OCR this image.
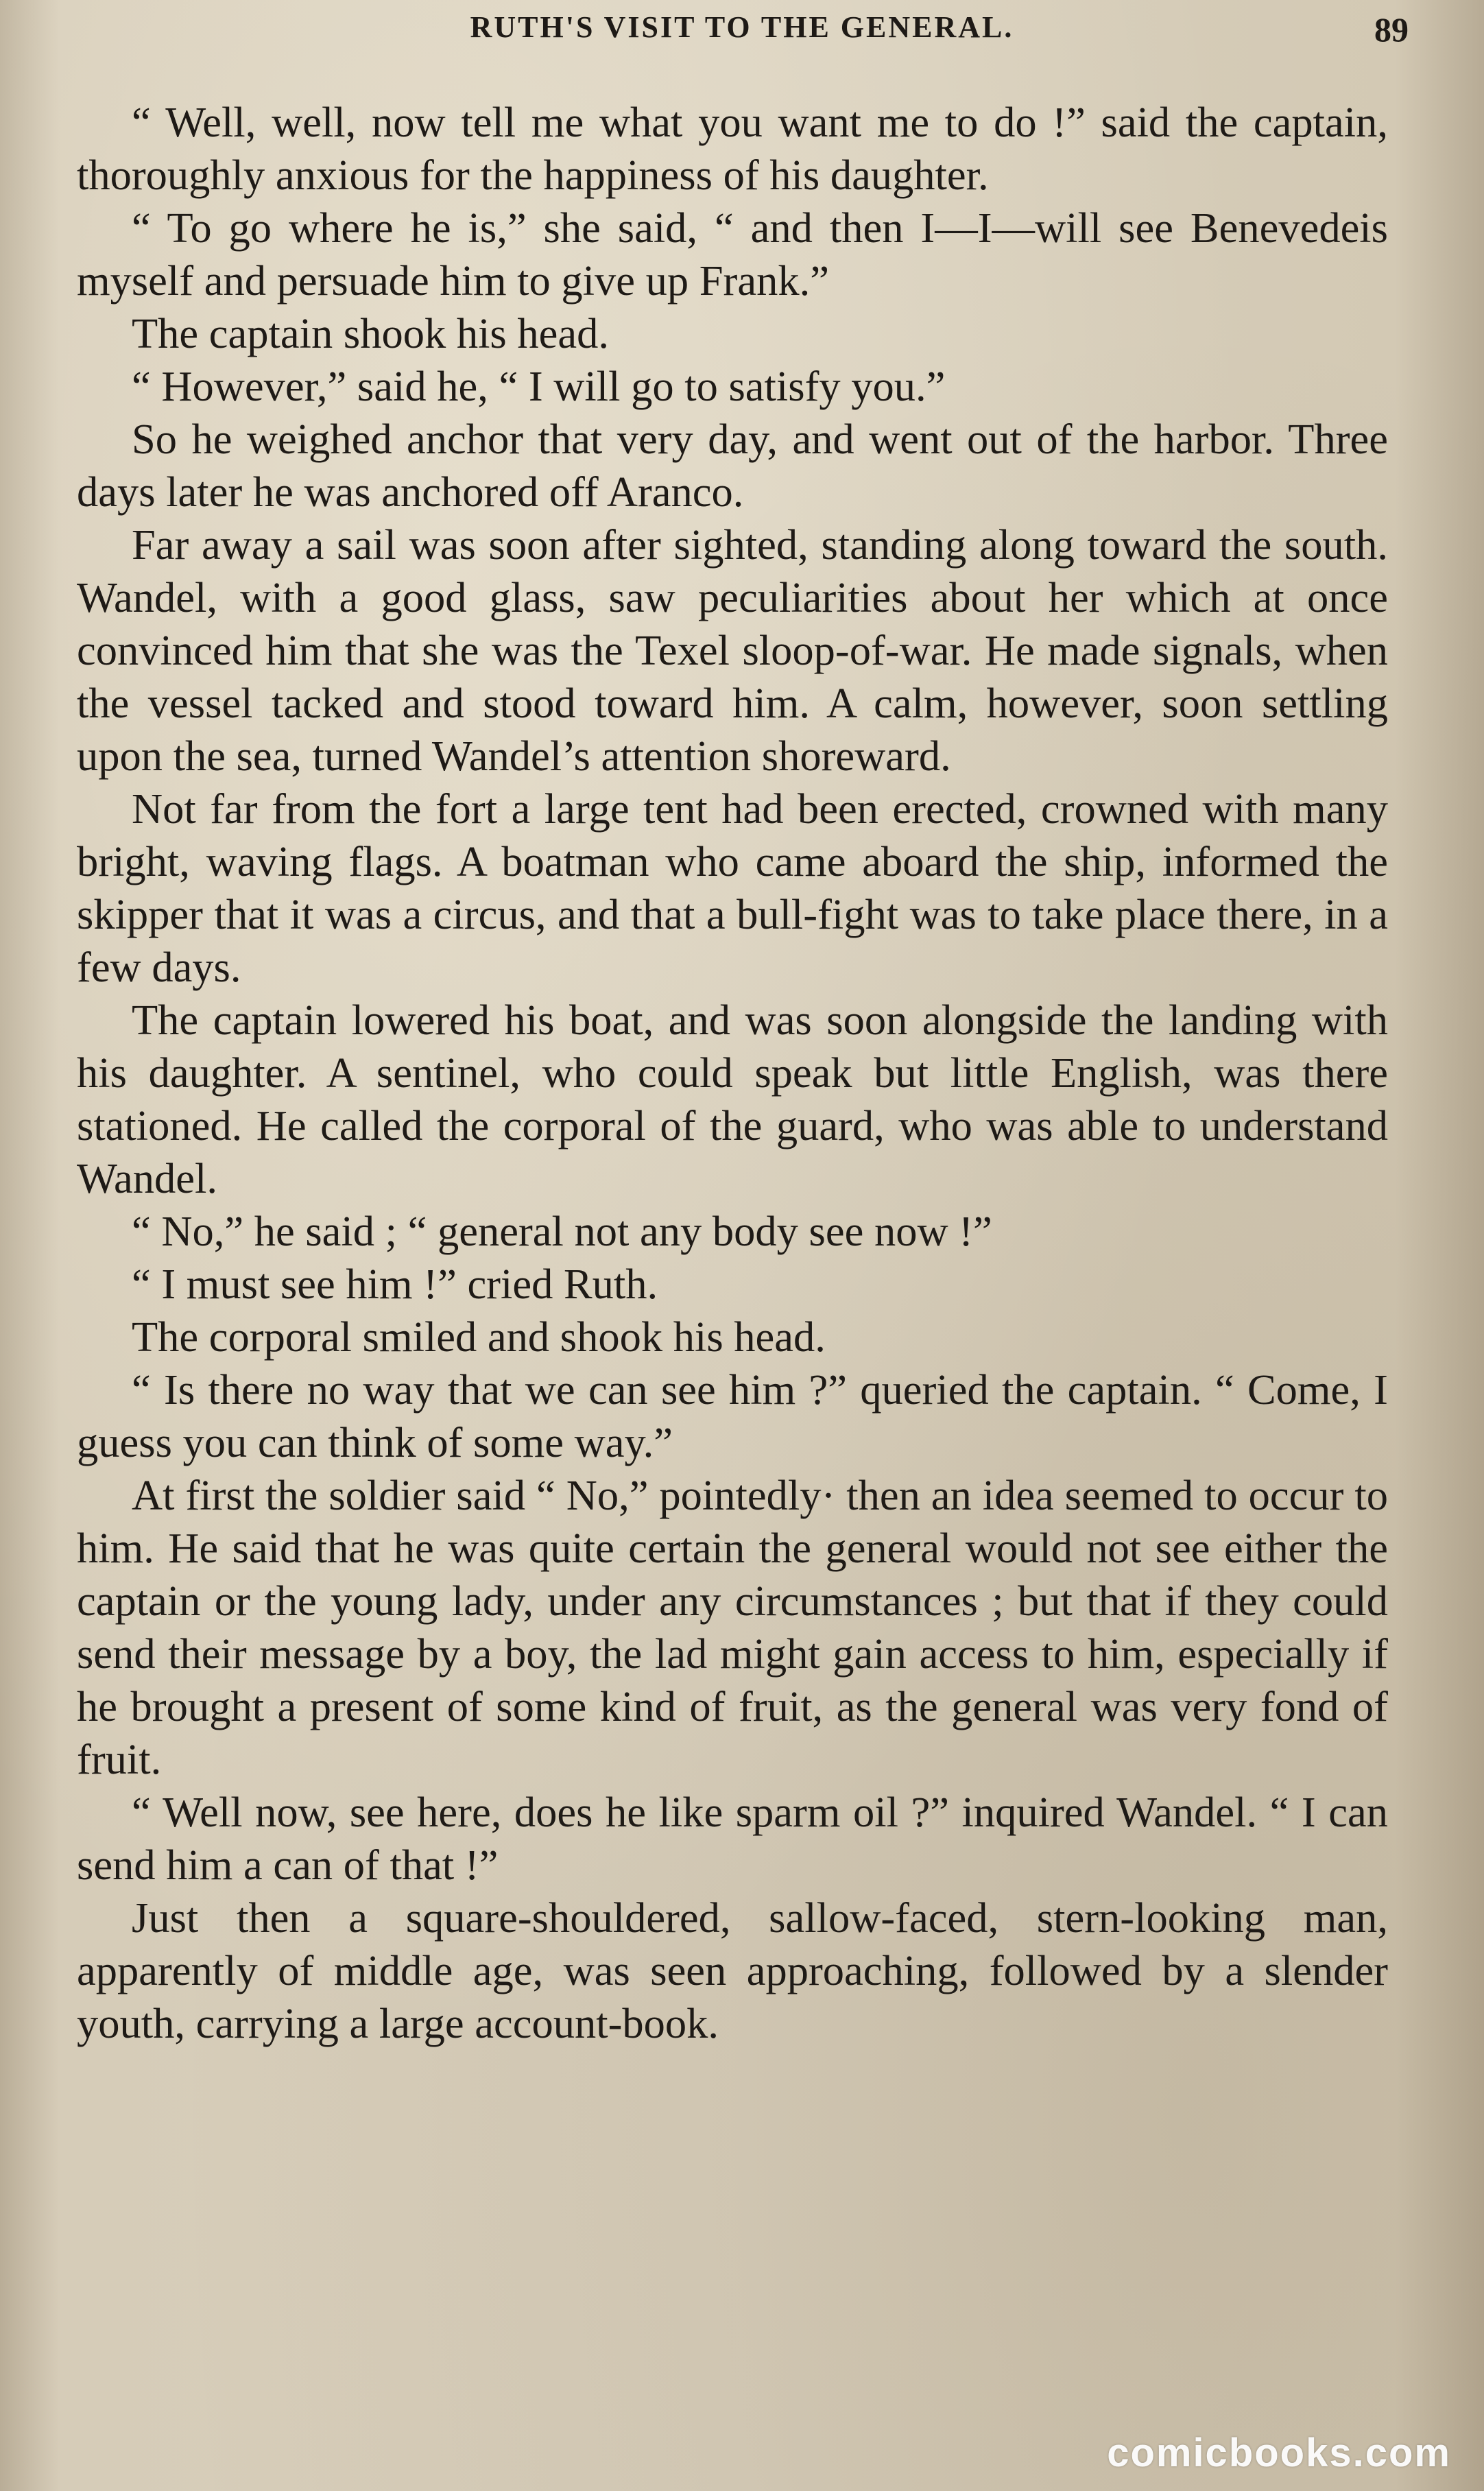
RUTH'S VISIT TO THE GENERAL.	89

“ Well, well, now tell me what you want me to do !” said the captain, thoroughly anxious for the happiness of his daughter.

“ To go where he is,” she said, “ and then I—I—will see Benevedeis myself and persuade him to give up Frank.”

The captain shook his head.

“ However,” said he, “ I will go to satisfy you.”

So he weighed anchor that very day, and went out of the harbor. Three days later he was anchored off Aranco.

Far away a sail was soon after sighted, standing along toward the south. Wandel, with a good glass, saw peculiarities about her which at once convinced him that she was the Texel sloop-of-war. He made signals, when the vessel tacked and stood toward him. A calm, however, soon settling upon the sea, turned Wandel’s attention shoreward.

Not far from the fort a large tent had been erected, crowned with many bright, waving flags. A boatman who came aboard the ship, informed the skipper that it was a circus, and that a bull-fight was to take place there, in a few days.

The captain lowered his boat, and was soon alongside the landing with his daughter. A sentinel, who could speak but little English, was there stationed. He called the corporal of the guard, who was able to understand Wandel.

“ No,” he said ; “ general not any body see now !”

“ I must see him !” cried Ruth.

The corporal smiled and shook his head.

“ Is there no way that we can see him ?” queried the captain. “ Come, I guess you can think of some way.”

At first the soldier said “ No,” pointedly· then an idea seemed to occur to him. He said that he was quite certain the general would not see either the captain or the young lady, under any circumstances ; but that if they could send their message by a boy, the lad might gain access to him, especially if he brought a present of some kind of fruit, as the general was very fond of fruit.

“ Well now, see here, does he like sparm oil ?” inquired Wandel. “ I can send him a can of that !”

Just then a square-shouldered, sallow-faced, stern-looking man, apparently of middle age, was seen approaching, followed by a slender youth, carrying a large account-book.

comicbooks.com
